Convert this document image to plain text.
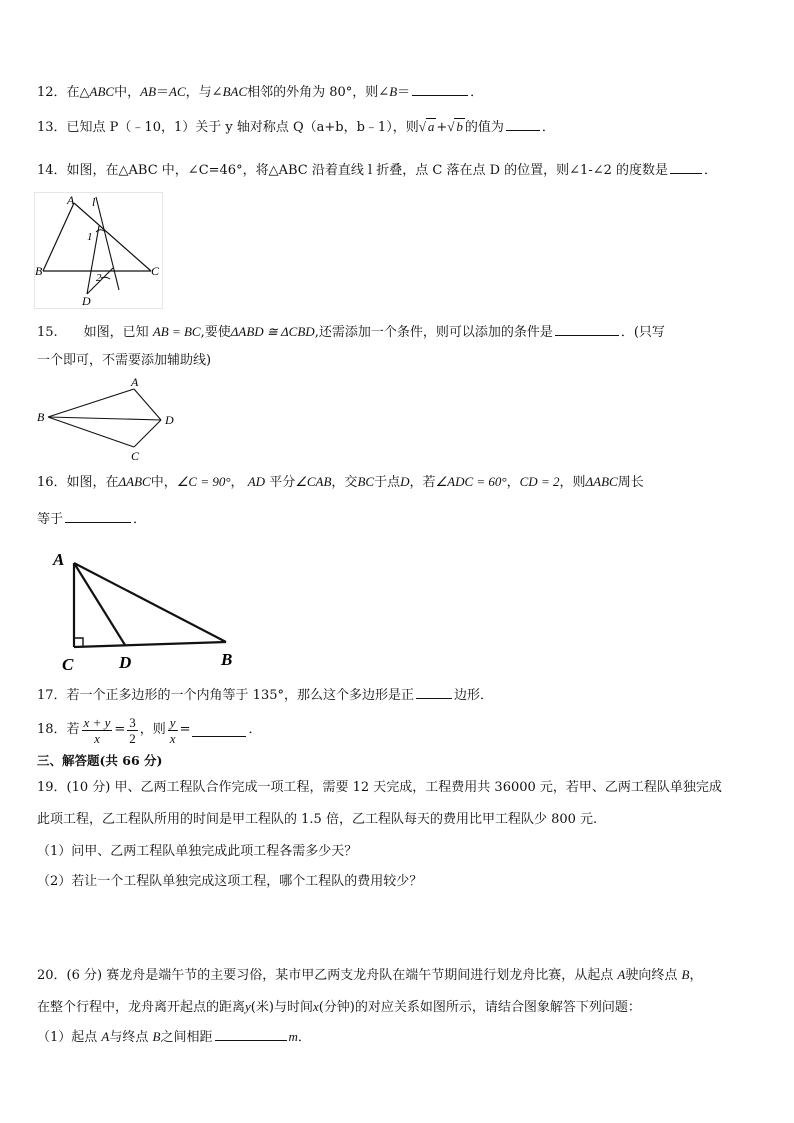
12．在△ABC中，AB＝AC，与∠BAC相邻的外角为 80°，则∠B＝	．
13．已知点 P（﹣10，1）关于 y 轴对称点 Q（a+b，b﹣1），则√ a +√ b 的值为	．
14．如图，在△ABC 中，∠C=46°，将△ABC 沿着直线 l 折叠，点 C 落在点 D 的位置，则∠1-∠2 的度数是	．
A l
1
2
B	C
D
15.　　如图，已知 AB = BC,要使ΔABD ≅ ΔCBD,还需添加一个条件，则可以添加的条件是	．(只写
一个即可，不需要添加辅助线)
A
B	D
C
16．如图，在ΔABC中，∠C = 90°， AD 平分∠CAB，交BC于点D，若∠ADC = 60°，CD = 2，则ΔABC周长
等于	．
A
C	D	B
17．若一个正多边形的一个内角等于 135°，那么这个多边形是正	边形．
18．若 $\frac{x + y}{x} = \frac{3}{2}$ ，则 $\frac{y}{x}$ =	．
三、解答题(共 66 分)
19．(10 分) 甲、乙两工程队合作完成一项工程，需要 12 天完成，工程费用共 36000 元，若甲、乙两工程队单独完成
此项工程，乙工程队所用的时间是甲工程队的 1.5 倍，乙工程队每天的费用比甲工程队少 800 元.
（1）问甲、乙两工程队单独完成此项工程各需多少天？
（2）若让一个工程队单独完成这项工程，哪个工程队的费用较少？
20．(6 分) 赛龙舟是端午节的主要习俗，某市甲乙两支龙舟队在端午节期间进行划龙舟比赛，从起点 A驶向终点 B，
在整个行程中，龙舟离开起点的距离y(米)与时间x(分钟)的对应关系如图所示，请结合图象解答下列问题：
（1）起点 A与终点 B之间相距	m．
